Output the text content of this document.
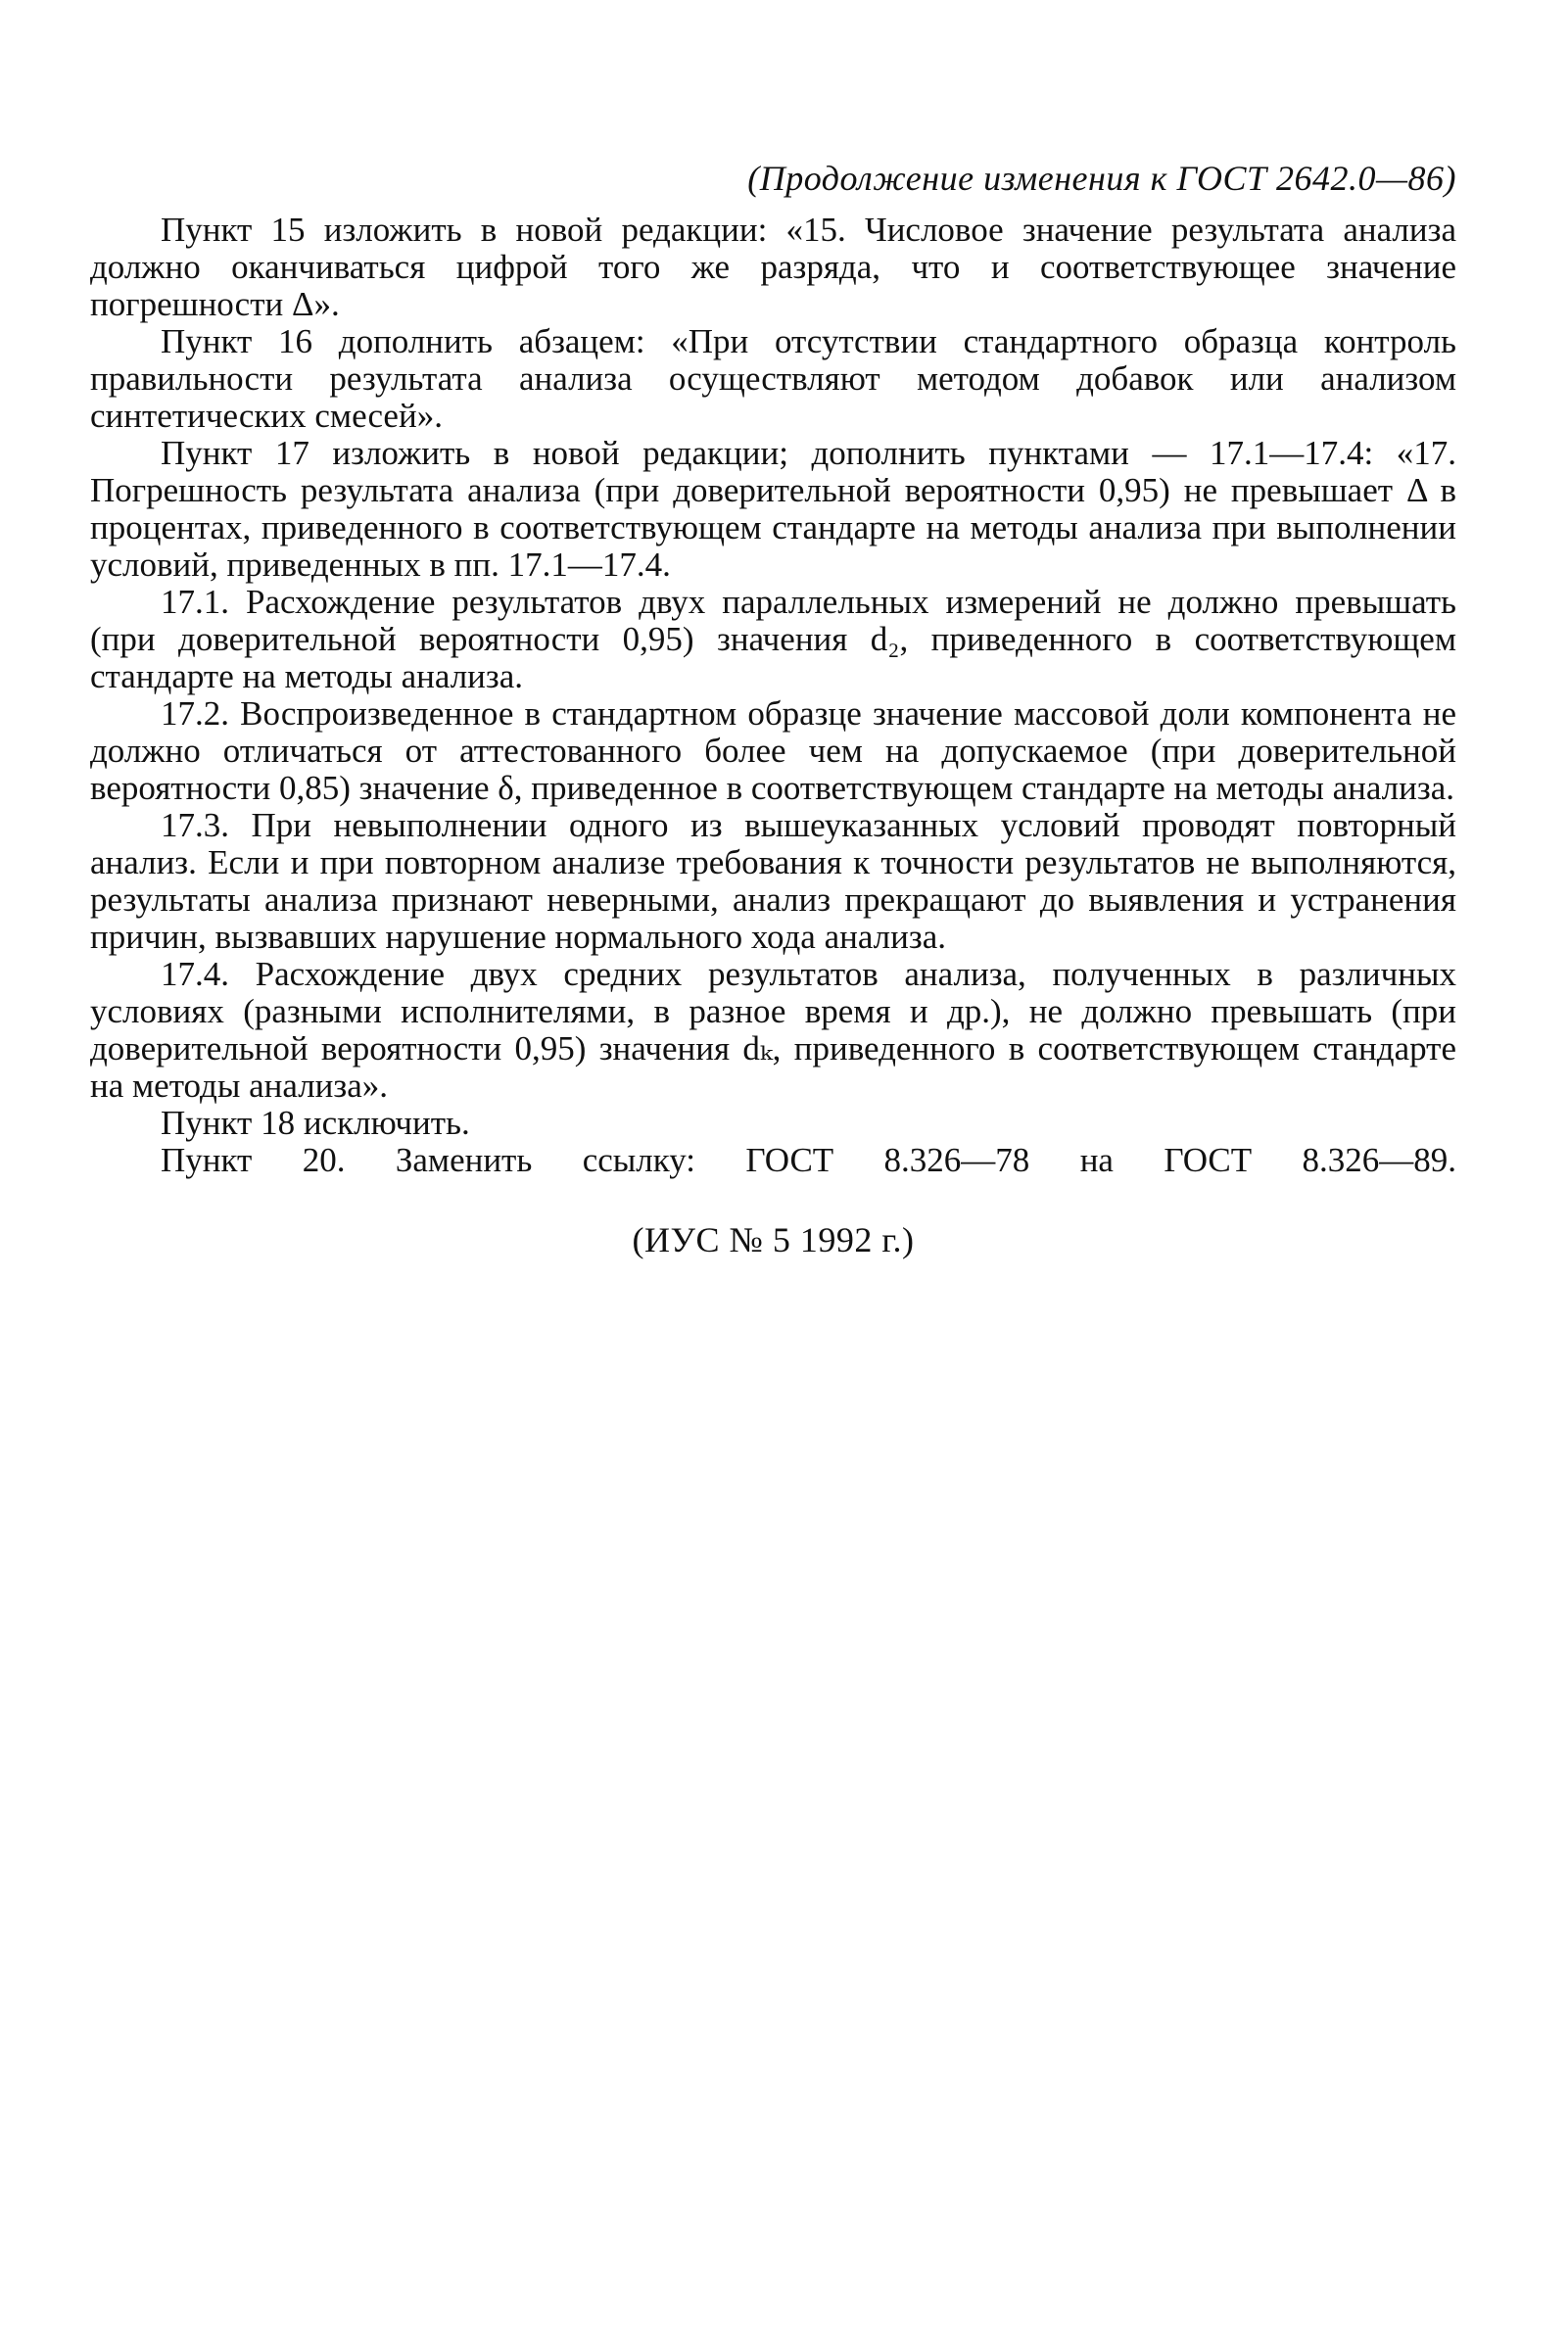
(Продолжение изменения к ГОСТ 2642.0—86)

Пункт 15 изложить в новой редакции: «15. Числовое значение результата анализа должно оканчиваться цифрой того же разряда, что и соответствующее значение погрешности Δ».

Пункт 16 дополнить абзацем: «При отсутствии стандартного образца контроль правильности результата анализа осуществляют методом добавок или анализом синтетических смесей».

Пункт 17 изложить в новой редакции; дополнить пунктами — 17.1—17.4: «17. Погрешность результата анализа (при доверительной вероятности 0,95) не превышает Δ в процентах, приведенного в соответствующем стандарте на методы анализа при выполнении условий, приведенных в пп. 17.1—17.4.

17.1. Расхождение результатов двух параллельных измерений не должно превышать (при доверительной вероятности 0,95) значения d₂, приведенного в соответствующем стандарте на методы анализа.

17.2. Воспроизведенное в стандартном образце значение массовой доли компонента не должно отличаться от аттестованного более чем на допускаемое (при доверительной вероятности 0,85) значение δ, приведенное в соответствующем стандарте на методы анализа.

17.3. При невыполнении одного из вышеуказанных условий проводят повторный анализ. Если и при повторном анализе требования к точности результатов не выполняются, результаты анализа признают неверными, анализ прекращают до выявления и устранения причин, вызвавших нарушение нормального хода анализа.

17.4. Расхождение двух средних результатов анализа, полученных в различных условиях (разными исполнителями, в разное время и др.), не должно превышать (при доверительной вероятности 0,95) значения dₖ, приведенного в соответствующем стандарте на методы анализа».

Пункт 18 исключить.

Пункт 20. Заменить ссылку: ГОСТ 8.326—78 на ГОСТ 8.326—89.

(ИУС № 5 1992 г.)
